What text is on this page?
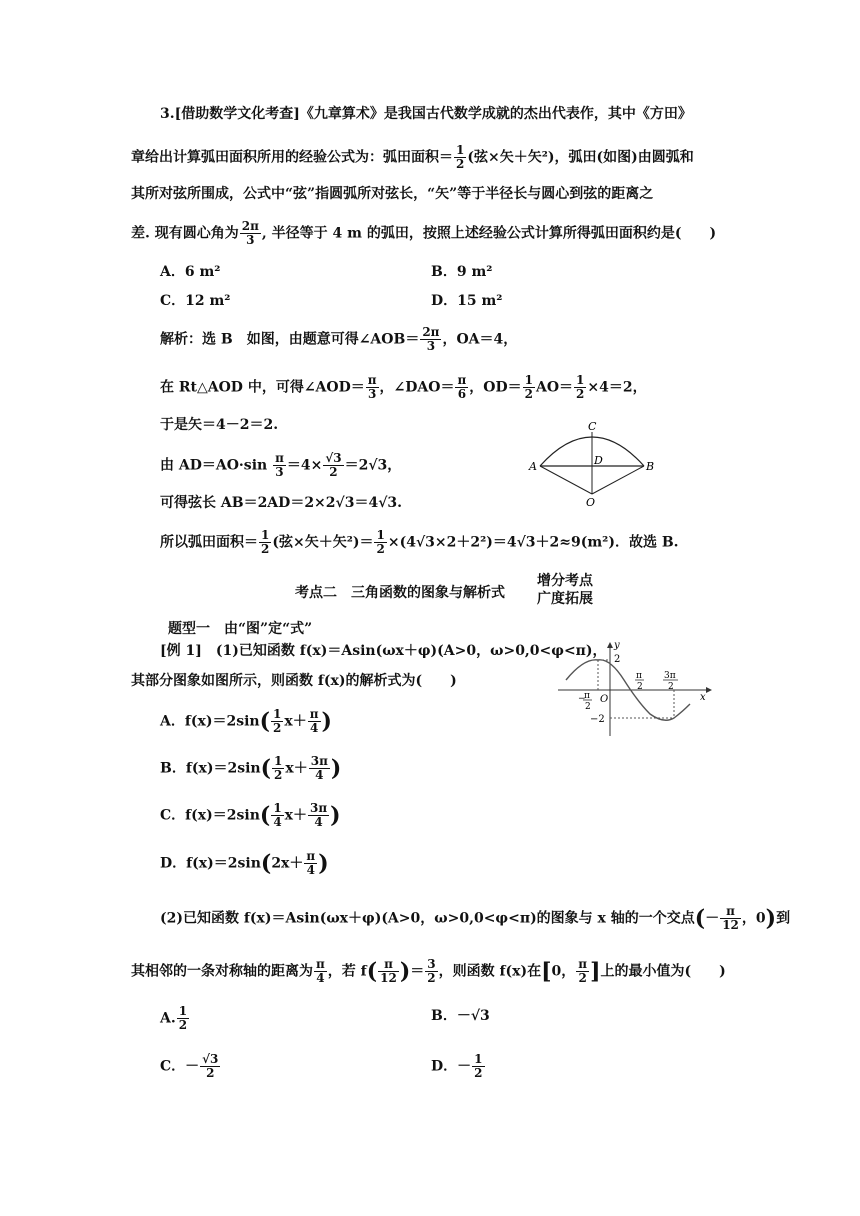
3.[借助数学文化考查]《九章算术》是我国古代数学成就的杰出代表作，其中《方田》
章给出计算弧田面积所用的经验公式为：弧田面积＝ $\frac{1}{2}$ (弦×矢＋矢²)，弧田(如图)由圆弧和
其所对弦所围成，公式中“弦”指圆弧所对弦长，“矢”等于半径长与圆心到弦的距离之
差. 现有圆心角为 $\frac{2\pi}{3}$ , 半径等于 4 m 的弧田，按照上述经验公式计算所得弧田面积约是(　　)
A．6 m²	B．9 m²
C．12 m²	D．15 m²
解析：选 B　如图，由题意可得∠AOB＝ $\frac{2\pi}{3}$ ，OA＝4，
在 Rt△AOD 中，可得∠AOD＝ $\frac{\pi}{3}$ ，∠DAO＝ $\frac{\pi}{6}$ ，$OD= \frac{1}{2} AO= \frac{1}{2} \times 4=2$，
于是矢＝4－2＝2.
由 $AD=AO\cdot\sin \frac{\pi}{3} =4\times \frac{√3}{2} =2√3$，
可得弦长 AB＝2AD＝2×2√3＝4√3.
所以弧田面积＝ $\frac{1}{2}$ (弦×矢＋矢$^2)= \frac{1}{2} \times(4√3\times 2+2^2)=4√3+2\approx 9(m^2)$．故选 B.
C
D
A	B
O
考点二　三角函数的图象与解析式
增分考点
广度拓展
题型一　由“图”定“式”
[例 1]　(1)已知函数 f(x)＝Asin(ωx＋φ)(A>0，ω>0,0<φ<π)，
其部分图象如图所示，则函数 f(x)的解析式为(　　)
A．$f(x)=2\sin( \frac{1}{2} x+ \frac{\pi}{4}$ )
B．$f(x)=2\sin( \frac{1}{2} x+ \frac{3\pi}{4}$ )
C．$f(x)=2\sin( \frac{1}{4} x+ \frac{3\pi}{4}$ )
D．$f(x)=2\sin(2x+ \frac{\pi}{4}$ )
y
x
O
2
−2
−
π
2
π
2
3π
2
(2)已知函数 f(x)＝Asin(ωx＋φ)(A>0，ω>0,0<φ<π)的图象与 x 轴的一个交点(－ $\frac{\pi}{12}$ ，0)到
其相邻的一条对称轴的距离为 $\frac{\pi}{4}$ ，若 $f( \frac{\pi}{12}$ )＝ $\frac{3}{2}$ ，则函数 f(x)在[0， $\frac{\pi}{2}$ ]上的最小值为(　　)
A. $\frac{1}{2}$	B．－√3
C．－ $\frac{√3}{2}$	D．－ $\frac{1}{2}$
